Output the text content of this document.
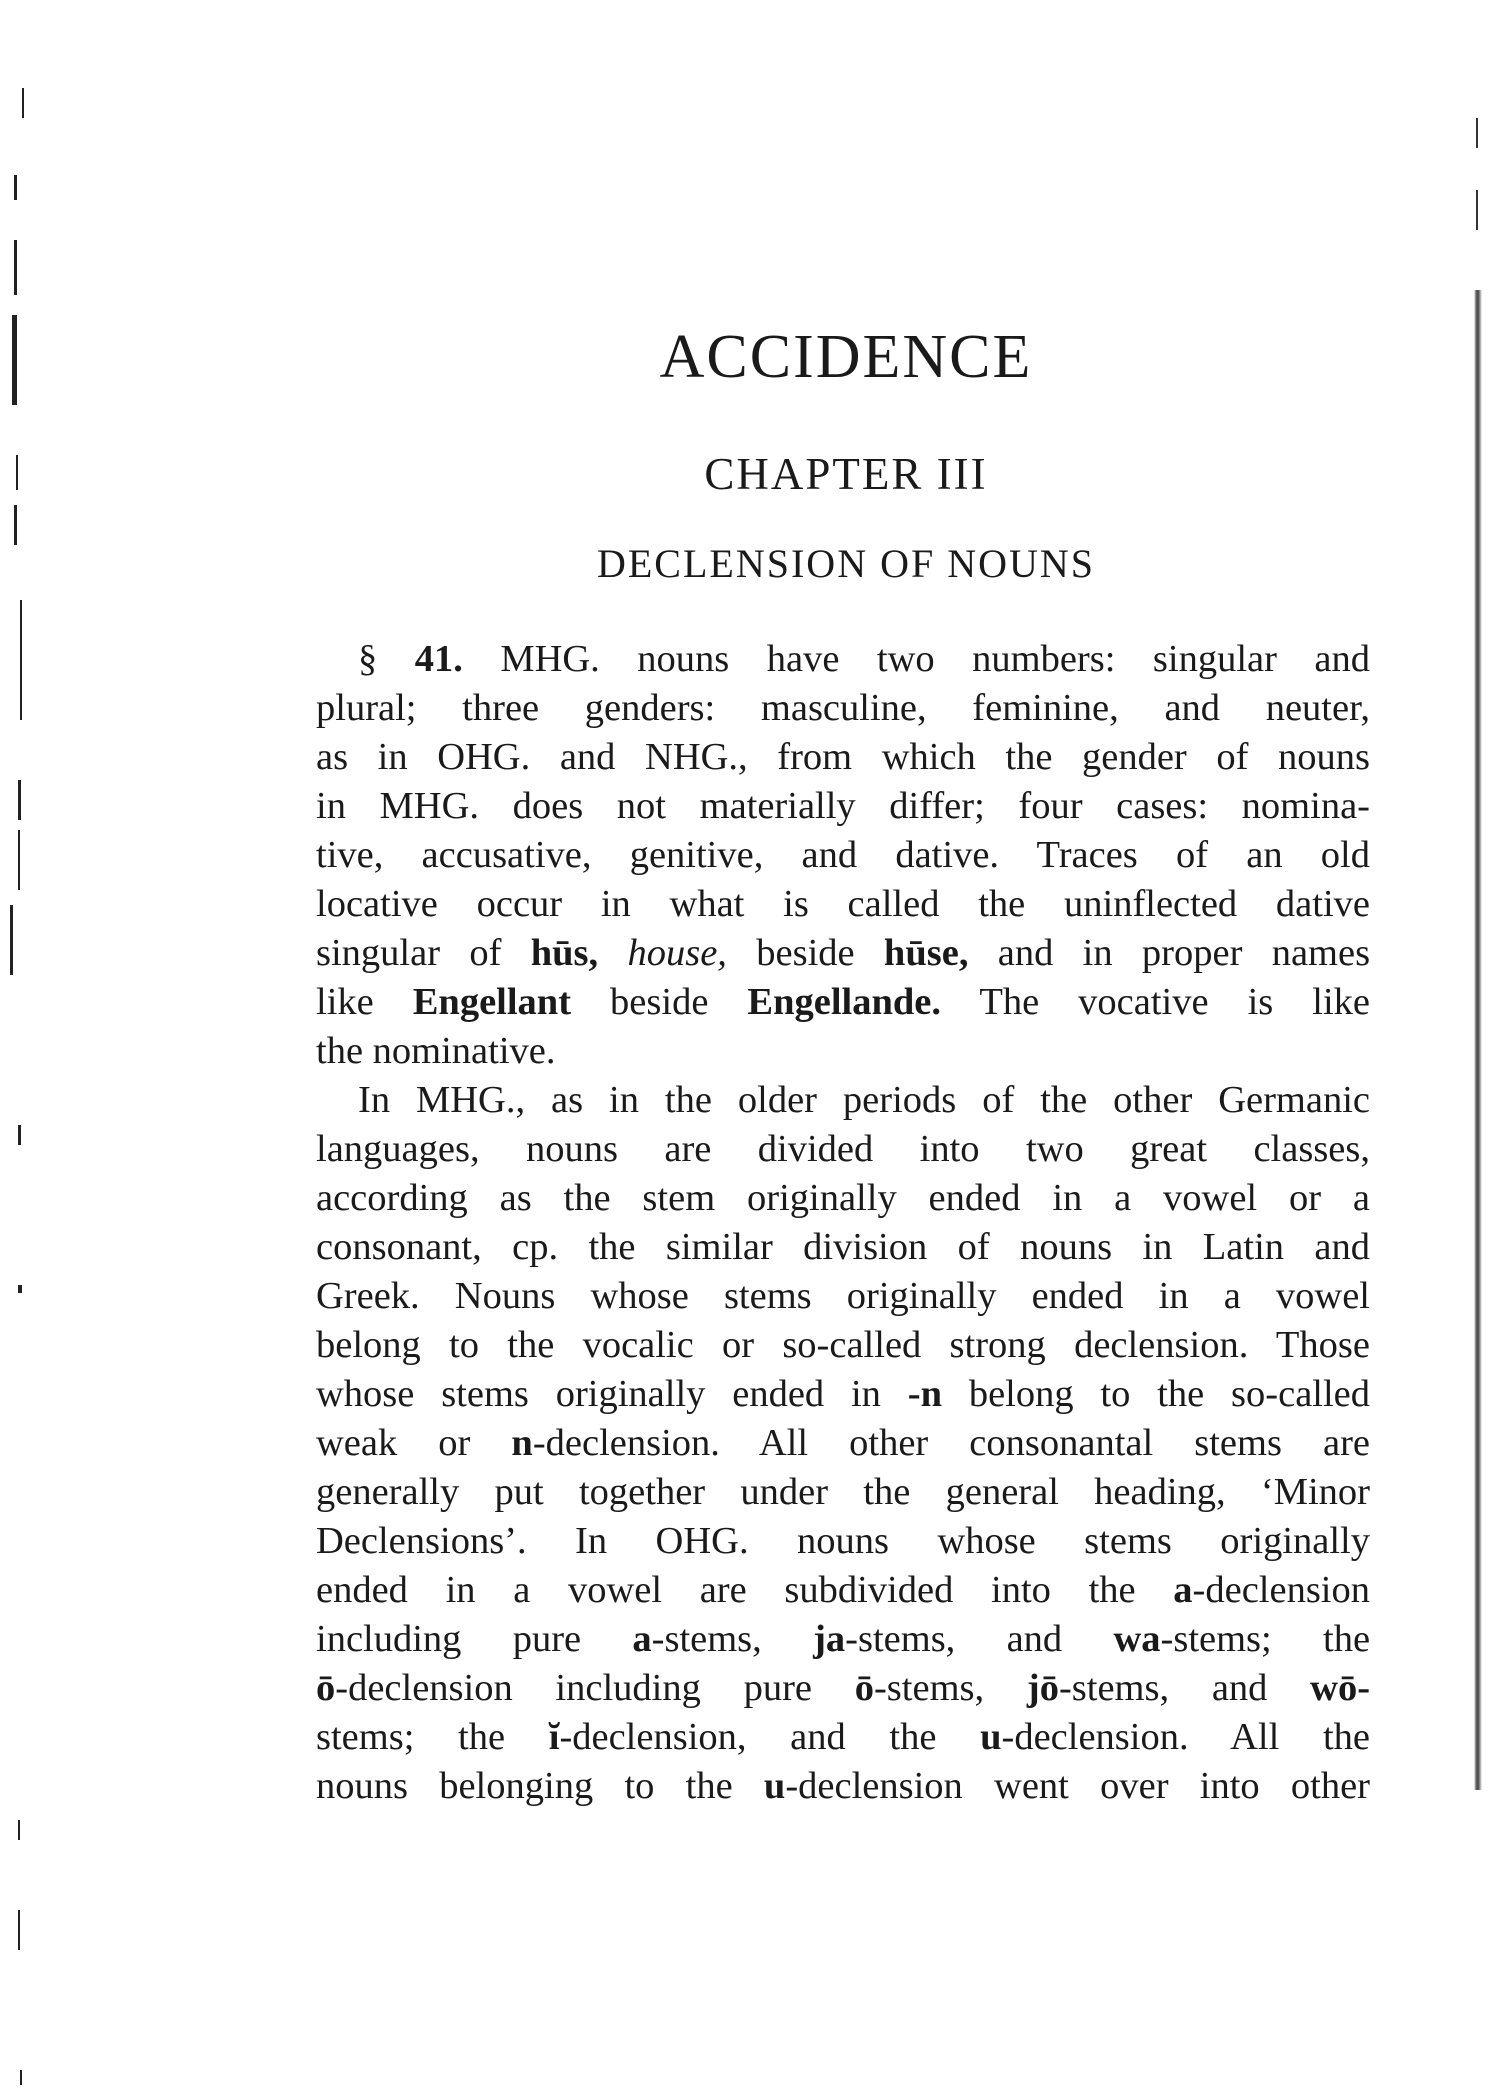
ACCIDENCE
CHAPTER III
DECLENSION OF NOUNS
§ 41. MHG. nouns have two numbers: singular and
plural; three genders: masculine, feminine, and neuter,
as in OHG. and NHG., from which the gender of nouns
in MHG. does not materially differ; four cases: nomina-
tive, accusative, genitive, and dative. Traces of an old
locative occur in what is called the uninflected dative
singular of hūs, house, beside hūse, and in proper names
like Engellant beside Engellande. The vocative is like
the nominative.
In MHG., as in the older periods of the other Germanic
languages, nouns are divided into two great classes,
according as the stem originally ended in a vowel or a
consonant, cp. the similar division of nouns in Latin and
Greek. Nouns whose stems originally ended in a vowel
belong to the vocalic or so-called strong declension. Those
whose stems originally ended in -n belong to the so-called
weak or n-declension. All other consonantal stems are
generally put together under the general heading, ‘Minor
Declensions’. In OHG. nouns whose stems originally
ended in a vowel are subdivided into the a-declension
including pure a-stems, ja-stems, and wa-stems; the
ō-declension including pure ō-stems, jō-stems, and wō-
stems; the ĭ-declension, and the u-declension. All the
nouns belonging to the u-declension went over into other
